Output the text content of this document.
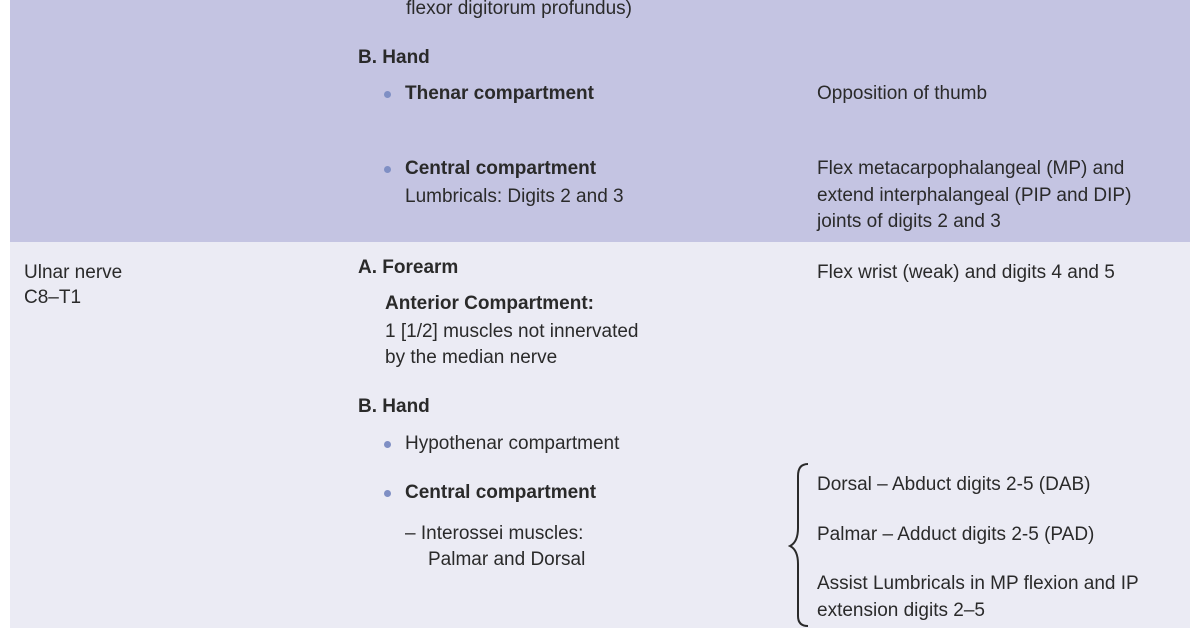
flexor digitorum profundus)
B. Hand
Thenar compartment	Opposition of thumb
Central compartment
Lumbricals: Digits 2 and 3
Flex metacarpophalangeal (MP) and
extend interphalangeal (PIP and DIP)
joints of digits 2 and 3
Ulnar nerve
C8–T1
A. Forearm	Flex wrist (weak) and digits 4 and 5
Anterior Compartment:
1 [1/2] muscles not innervated
by the median nerve
B. Hand
Hypothenar compartment
Central compartment
– Interossei muscles:
Palmar and Dorsal
Dorsal – Abduct digits 2-5 (DAB)
Palmar – Adduct digits 2-5 (PAD)
Assist Lumbricals in MP flexion and IP
extension digits 2–5
